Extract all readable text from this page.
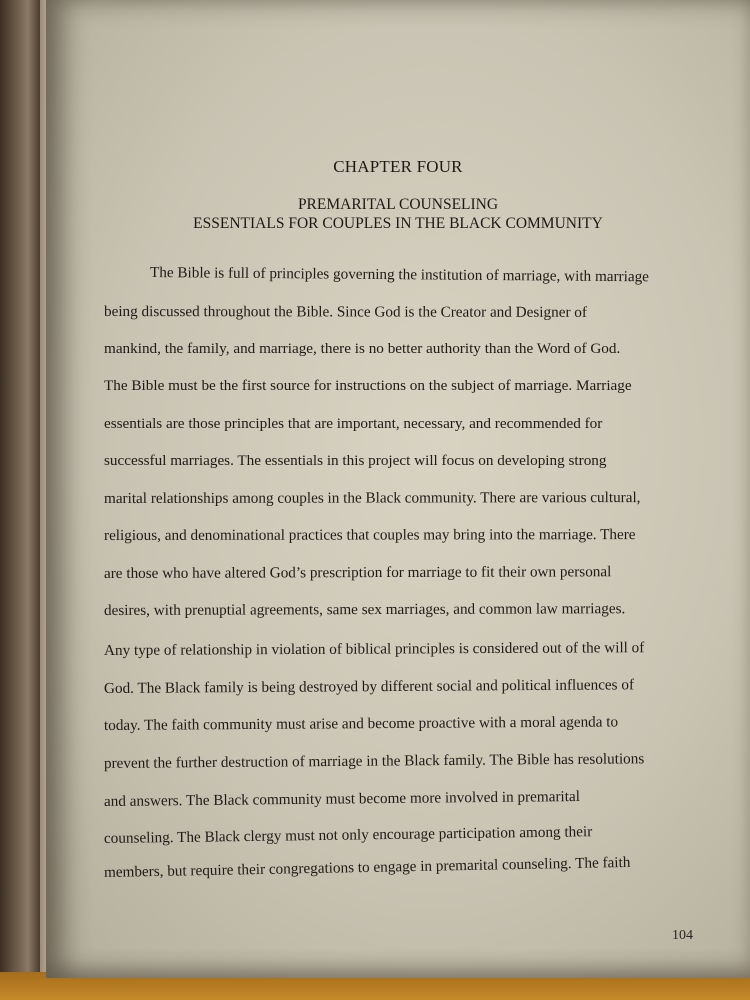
CHAPTER FOUR
PREMARITAL COUNSELING
ESSENTIALS FOR COUPLES IN THE BLACK COMMUNITY
The Bible is full of principles governing the institution of marriage, with marriage
being discussed throughout the Bible. Since God is the Creator and Designer of
mankind, the family, and marriage, there is no better authority than the Word of God.
The Bible must be the first source for instructions on the subject of marriage. Marriage
essentials are those principles that are important, necessary, and recommended for
successful marriages. The essentials in this project will focus on developing strong
marital relationships among couples in the Black community. There are various cultural,
religious, and denominational practices that couples may bring into the marriage. There
are those who have altered God’s prescription for marriage to fit their own personal
desires, with prenuptial agreements, same sex marriages, and common law marriages.
Any type of relationship in violation of biblical principles is considered out of the will of
God. The Black family is being destroyed by different social and political influences of
today. The faith community must arise and become proactive with a moral agenda to
prevent the further destruction of marriage in the Black family. The Bible has resolutions
and answers. The Black community must become more involved in premarital
counseling. The Black clergy must not only encourage participation among their
members, but require their congregations to engage in premarital counseling. The faith
104
